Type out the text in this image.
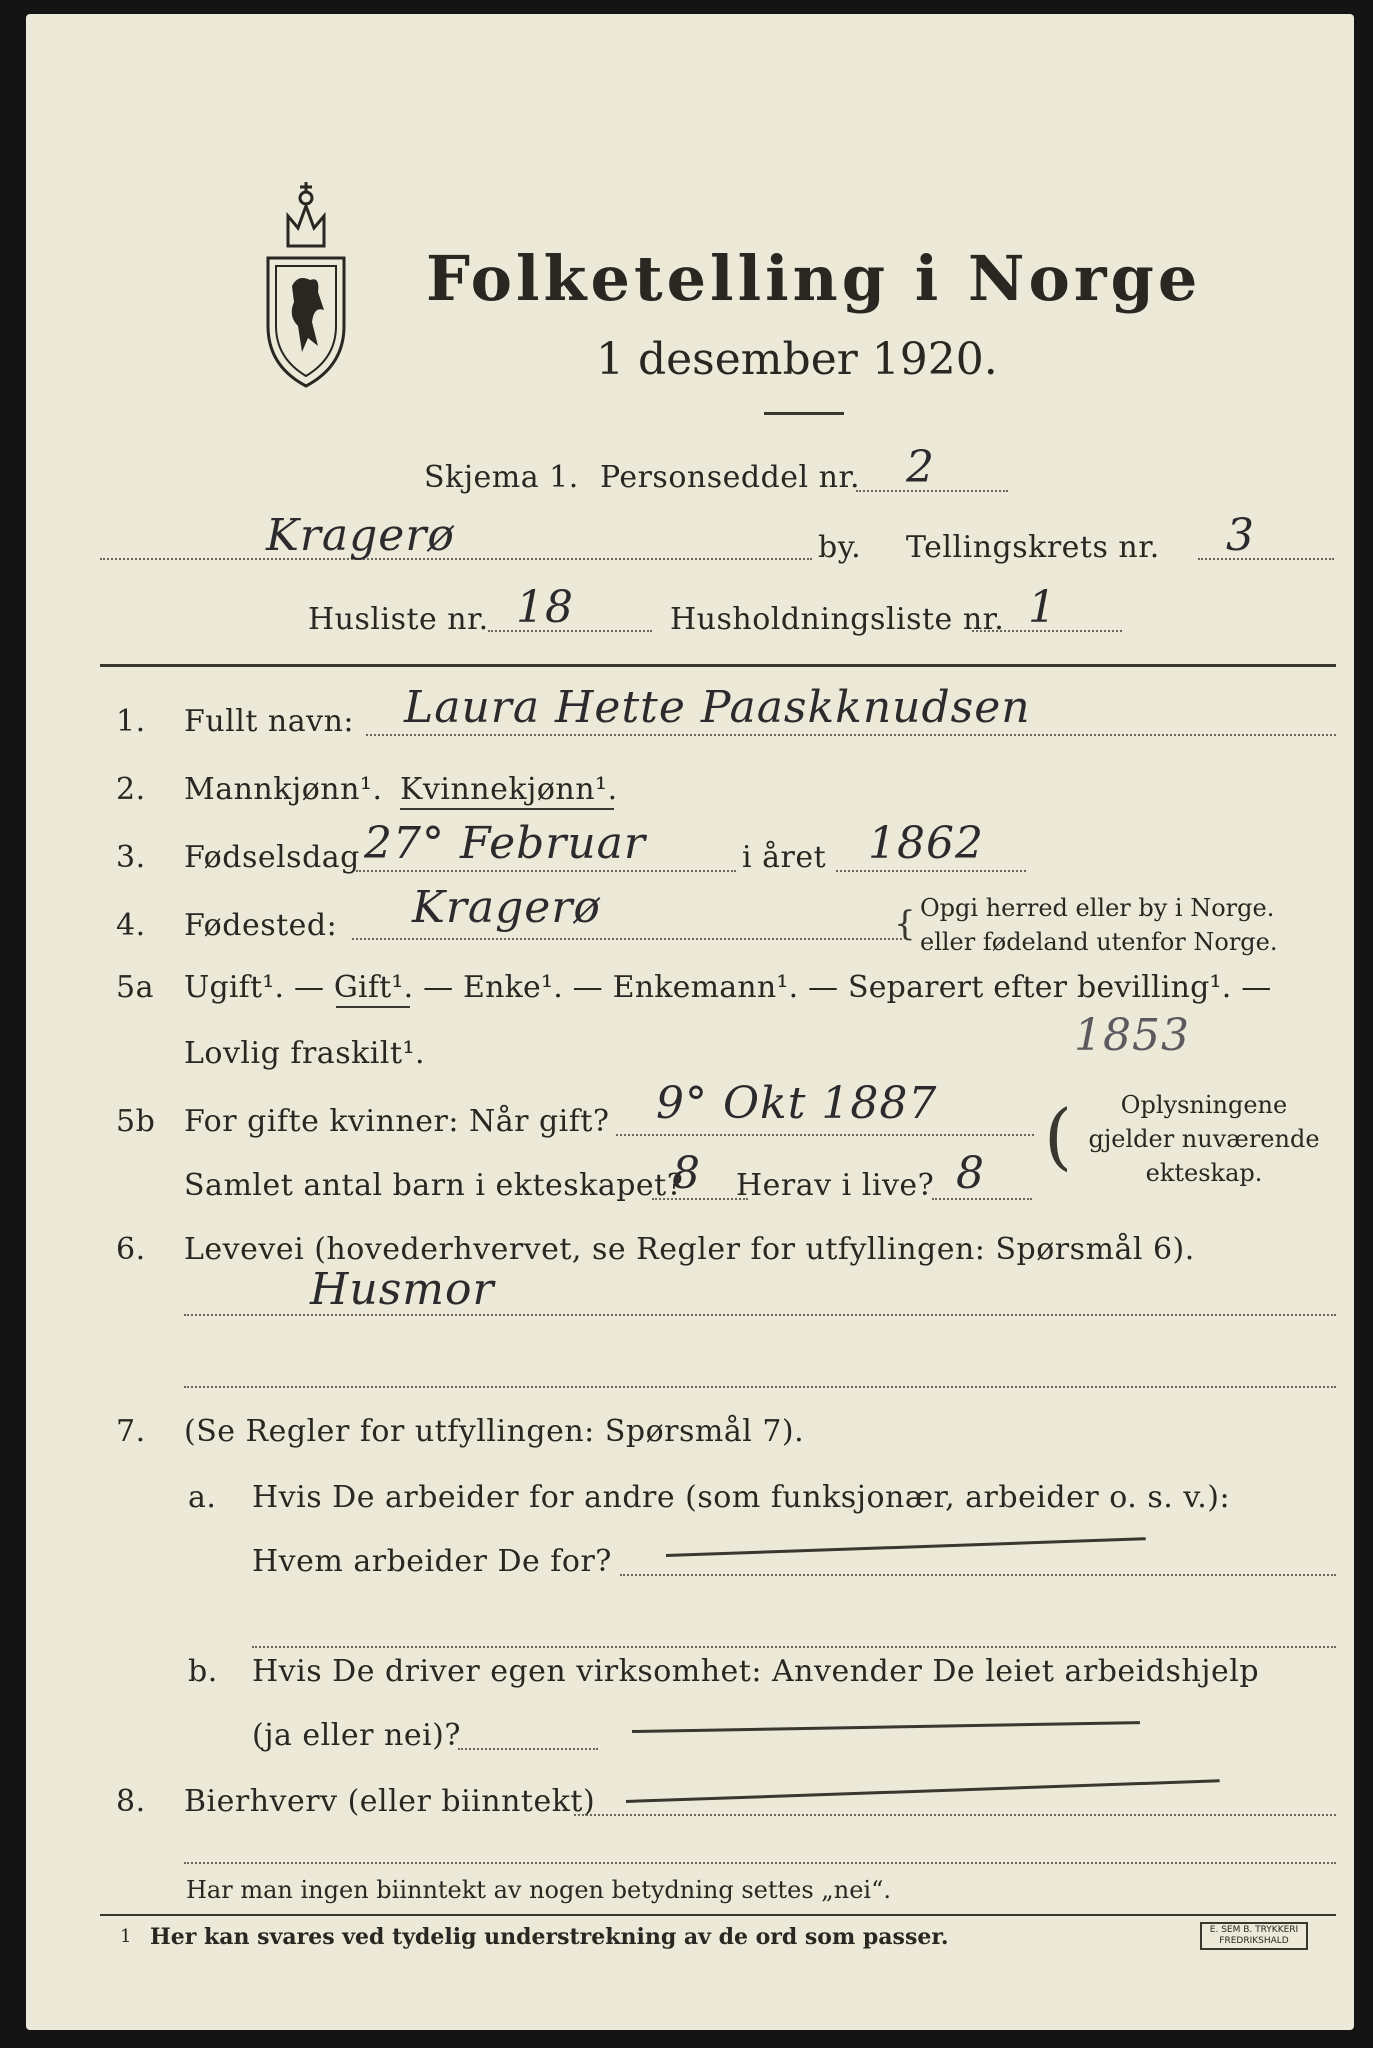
Folketelling i Norge
1 desember 1920.
Skjema 1. Personseddel nr. 2
Kragerø	by. Tellingskrets nr. 3
Husliste nr. 18	Husholdningsliste nr. 1
1. Fullt navn: Laura Hette Paaskknudsen
2. Mannkjønn¹. Kvinnekjønn¹.
3. Fødselsdag 27° Februar	i året 1862
4. Fødested: Kragerø	{ Opgi herred eller by i Norge.
eller fødeland utenfor Norge.
5a Ugift¹. — Gift¹. — Enke¹. — Enkemann¹. — Separert efter bevilling¹. —
Lovlig fraskilt¹.	1853
5b For gifte kvinner: Når gift? 9° Okt 1887
Samlet antal barn i ekteskapet?
8 Herav i live? 8 (	Oplysningene
gjelder nuværende
ekteskap.
6. Levevei (hovederhvervet, se Regler for utfyllingen: Spørsmål 6).
Husmor
7. (Se Regler for utfyllingen: Spørsmål 7).
a. Hvis De arbeider for andre (som funksjonær, arbeider o. s. v.):
Hvem arbeider De for?
b. Hvis De driver egen virksomhet: Anvender De leiet arbeidshjelp
(ja eller nei)?
8. Bierhverv (eller biinntekt)
Har man ingen biinntekt av nogen betydning settes „nei“.
1 Her kan svares ved tydelig understrekning av de ord som passer.	E. SEM B. TRYKKERI
FREDRIKSHALD
